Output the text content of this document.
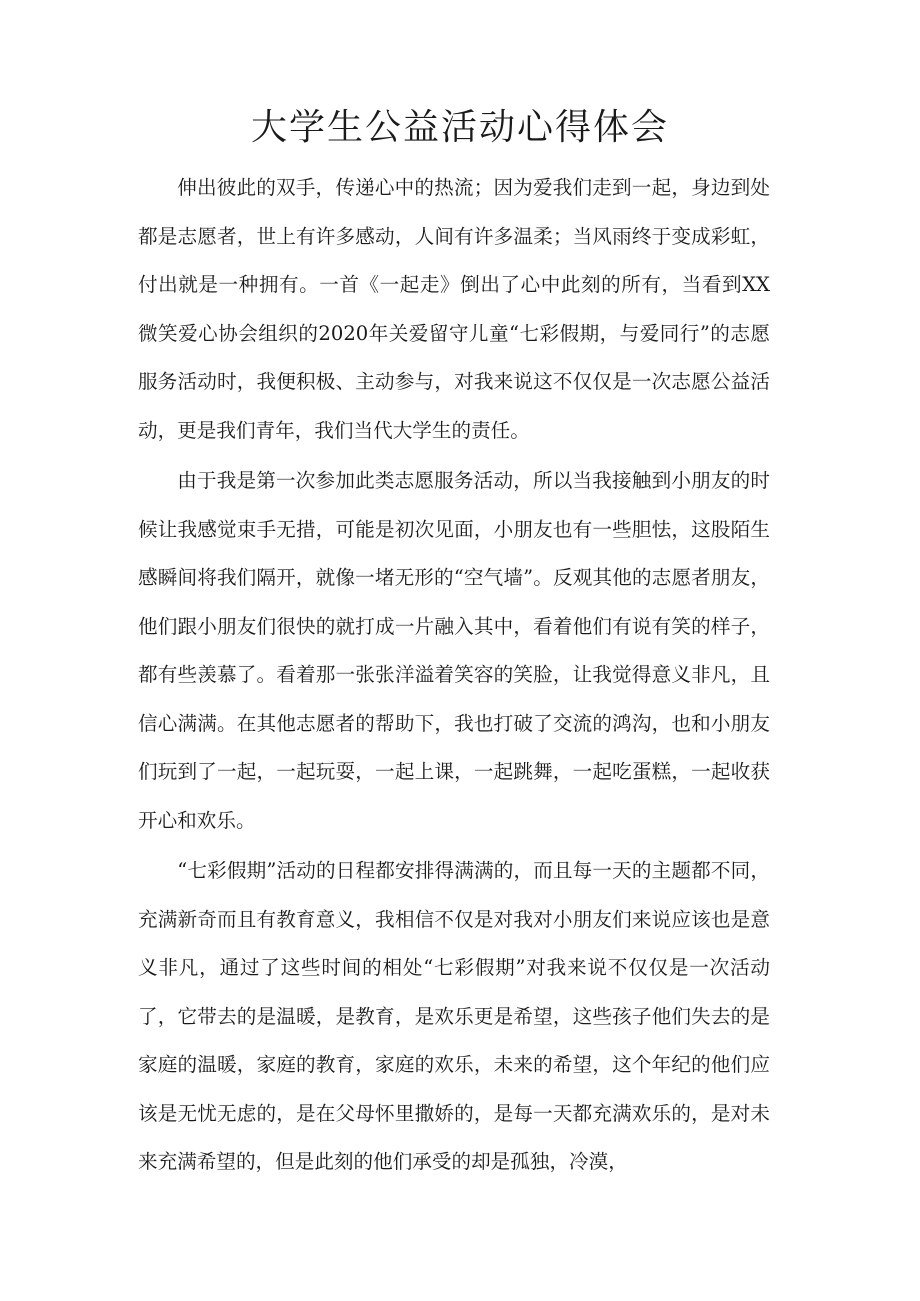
大学生公益活动心得体会

伸出彼此的双手，传递心中的热流；因为爱我们走到一起，身边到处都是志愿者，世上有许多感动，人间有许多温柔；当风雨终于变成彩虹，付出就是一种拥有。一首《一起走》倒出了心中此刻的所有，当看到XX微笑爱心协会组织的2020年关爱留守儿童“七彩假期，与爱同行”的志愿服务活动时，我便积极、主动参与，对我来说这不仅仅是一次志愿公益活动，更是我们青年，我们当代大学生的责任。

由于我是第一次参加此类志愿服务活动，所以当我接触到小朋友的时候让我感觉束手无措，可能是初次见面，小朋友也有一些胆怯，这股陌生感瞬间将我们隔开，就像一堵无形的“空气墙”。反观其他的志愿者朋友，他们跟小朋友们很快的就打成一片融入其中，看着他们有说有笑的样子，都有些羡慕了。看着那一张张洋溢着笑容的笑脸，让我觉得意义非凡，且信心满满。在其他志愿者的帮助下，我也打破了交流的鸿沟，也和小朋友们玩到了一起，一起玩耍，一起上课，一起跳舞，一起吃蛋糕，一起收获开心和欢乐。

“七彩假期”活动的日程都安排得满满的，而且每一天的主题都不同，充满新奇而且有教育意义，我相信不仅是对我对小朋友们来说应该也是意义非凡，通过了这些时间的相处“七彩假期”对我来说不仅仅是一次活动了，它带去的是温暖，是教育，是欢乐更是希望，这些孩子他们失去的是家庭的温暖，家庭的教育，家庭的欢乐，未来的希望，这个年纪的他们应该是无忧无虑的，是在父母怀里撒娇的，是每一天都充满欢乐的，是对未来充满希望的，但是此刻的他们承受的却是孤独，冷漠，
